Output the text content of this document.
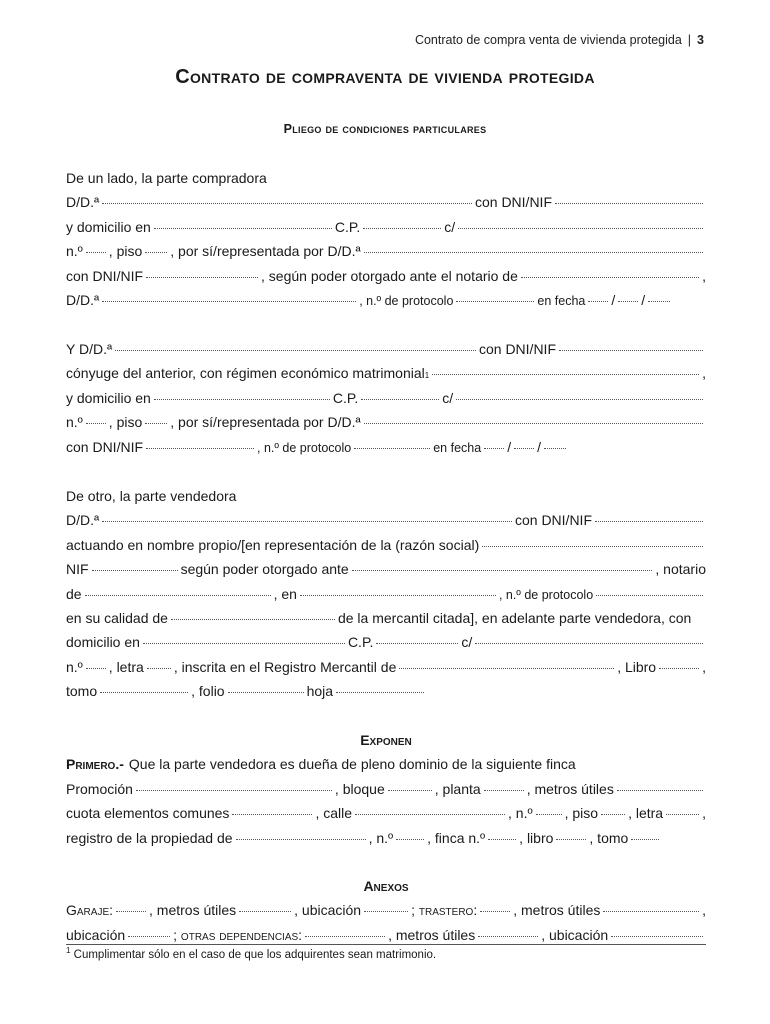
Contrato de compra venta de vivienda protegida | 3
Contrato de compraventa de vivienda protegida
Pliego de condiciones particulares
De un lado, la parte compradora
D/D.ª	con DNI/NIF
y domicilio en	C.P.	c/
n.º , piso , por sí/representada por D/D.ª
con DNI/NIF	, según poder otorgado ante el notario de	,
D/D.ª	, n.º de protocolo	en fecha / /
Y D/D.ª	con DNI/NIF
cónyuge del anterior, con régimen económico matrimonial$_1$	,
y domicilio en	C.P.	c/
n.º , piso , por sí/representada por D/D.ª
con DNI/NIF	, n.º de protocolo	en fecha / /
De otro, la parte vendedora
D/D.ª	con DNI/NIF
actuando en nombre propio/[en representación de la (razón social)
NIF	según poder otorgado ante	, notario
de	, en	, n.º de protocolo
en su calidad de	de la mercantil citada], en adelante parte vendedora, con
domicilio en	C.P.	c/
n.º , letra , inscrita en el Registro Mercantil de	, Libro	,
tomo	, folio	hoja
Exponen
Primero.- Que la parte vendedora es dueña de pleno dominio de la siguiente finca
Promoción	, bloque	, planta	, metros útiles
cuota elementos comunes	, calle	, n.º , piso , letra	,
registro de la propiedad de	, n.º , finca n.º , libro	, tomo
Anexos
Garaje:	, metros útiles	, ubicación	; trastero:	, metros útiles	,
ubicación	; otras dependencias:	, metros útiles	, ubicación
$^1$ Cumplimentar sólo en el caso de que los adquirentes sean matrimonio.
